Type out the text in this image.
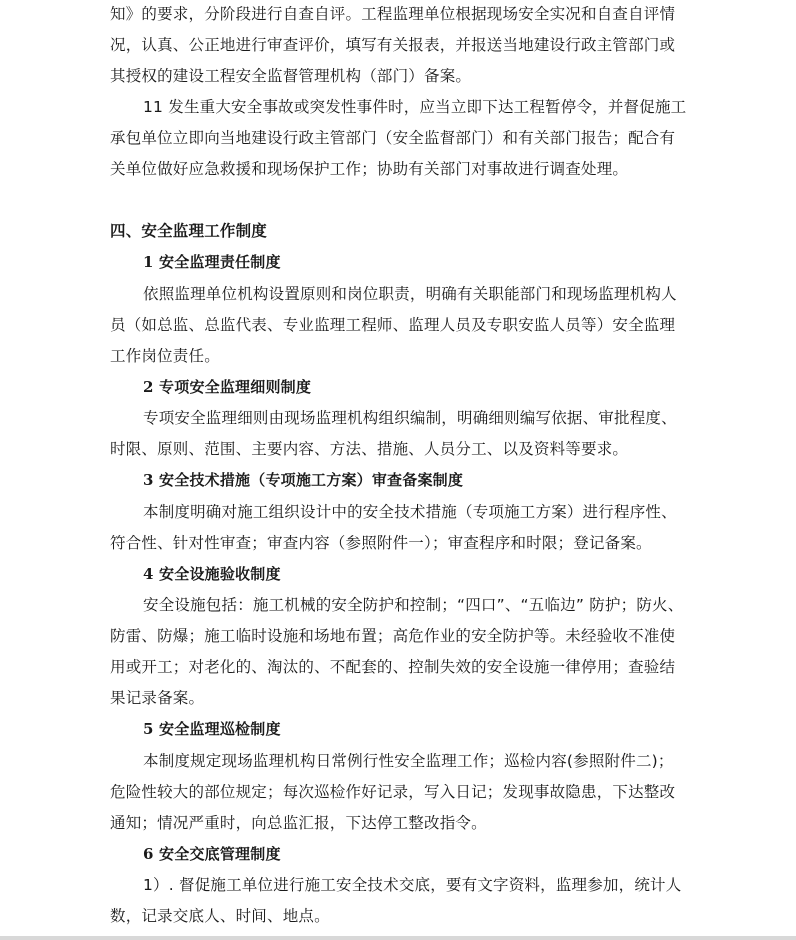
知》的要求，分阶段进行自查自评。工程监理单位根据现场安全实况和自查自评情
况，认真、公正地进行审查评价，填写有关报表，并报送当地建设行政主管部门或
其授权的建设工程安全监督管理机构（部门）备案。
11 发生重大安全事故或突发性事件时，应当立即下达工程暂停令，并督促施工
承包单位立即向当地建设行政主管部门（安全监督部门）和有关部门报告；配合有
关单位做好应急救援和现场保护工作；协助有关部门对事故进行调查处理。
四、安全监理工作制度
1 安全监理责任制度
依照监理单位机构设置原则和岗位职责，明确有关职能部门和现场监理机构人
员（如总监、总监代表、专业监理工程师、监理人员及专职安监人员等）安全监理
工作岗位责任。
2 专项安全监理细则制度
专项安全监理细则由现场监理机构组织编制，明确细则编写依据、审批程度、
时限、原则、范围、主要内容、方法、措施、人员分工、以及资料等要求。
3 安全技术措施（专项施工方案）审查备案制度
本制度明确对施工组织设计中的安全技术措施（专项施工方案）进行程序性、
符合性、针对性审查；审查内容（参照附件一）；审查程序和时限；登记备案。
4 安全设施验收制度
安全设施包括：施工机械的安全防护和控制；“四口”、“五临边” 防护；防火、
防雷、防爆；施工临时设施和场地布置；高危作业的安全防护等。未经验收不准使
用或开工；对老化的、淘汰的、不配套的、控制失效的安全设施一律停用；查验结
果记录备案。
5 安全监理巡检制度
本制度规定现场监理机构日常例行性安全监理工作；巡检内容(参照附件二)；
危险性较大的部位规定；每次巡检作好记录，写入日记；发现事故隐患，下达整改
通知；情况严重时，向总监汇报，下达停工整改指令。
6 安全交底管理制度
1）. 督促施工单位进行施工安全技术交底，要有文字资料，监理参加，统计人
数，记录交底人、时间、地点。
